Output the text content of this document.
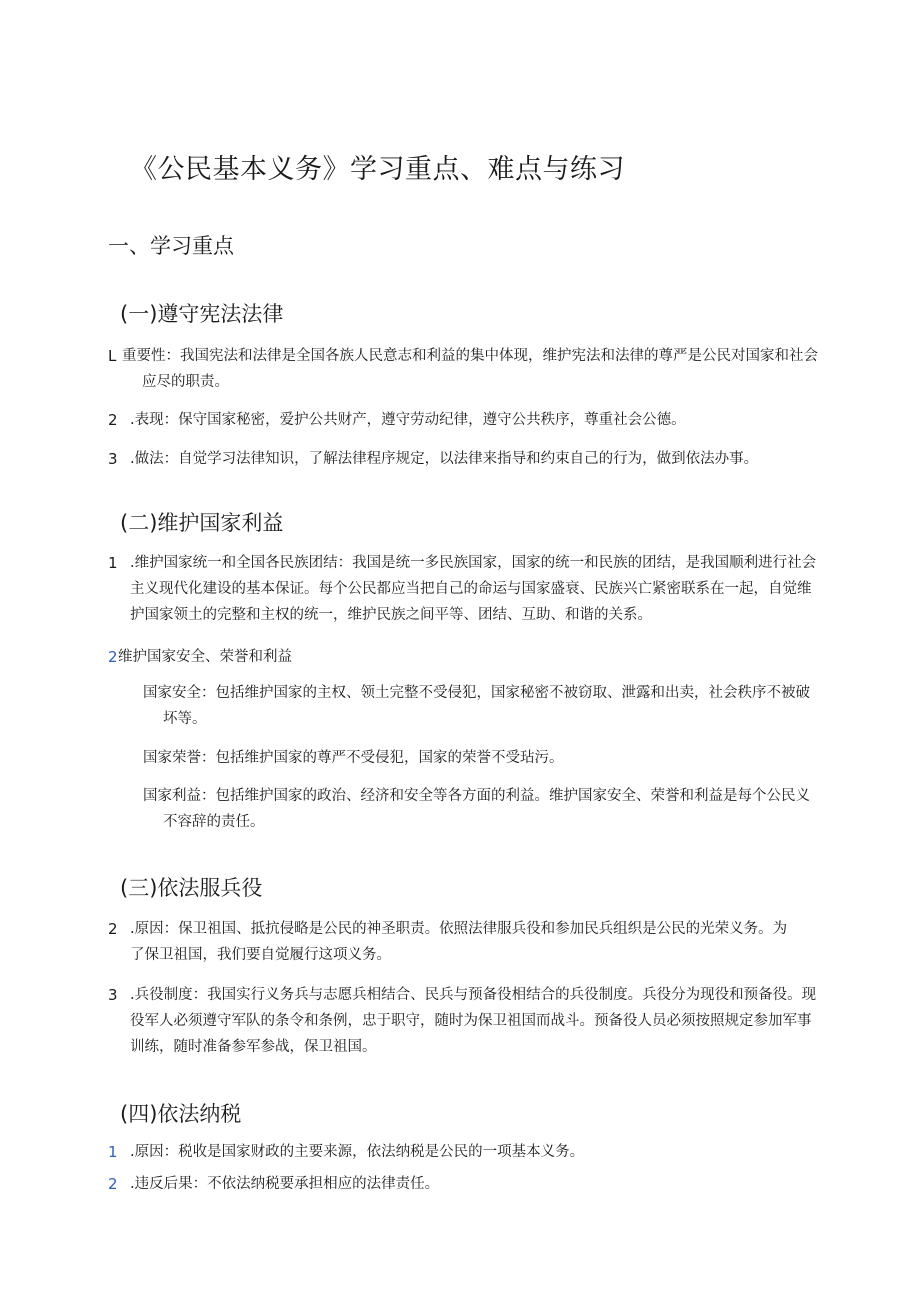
《公民基本义务》学习重点、难点与练习
一、学习重点
(一)遵守宪法法律
L 重要性：我国宪法和法律是全国各族人民意志和利益的集中体现，维护宪法和法律的尊严是公民对国家和社会应尽的职责。
2 .表现：保守国家秘密，爱护公共财产，遵守劳动纪律，遵守公共秩序，尊重社会公德。
3 .做法：自觉学习法律知识，了解法律程序规定，以法律来指导和约束自己的行为，做到依法办事。
(二)维护国家利益
1 .维护国家统一和全国各民族团结：我国是统一多民族国家，国家的统一和民族的团结，是我国顺利进行社会主义现代化建设的基本保证。每个公民都应当把自己的命运与国家盛衰、民族兴亡紧密联系在一起，自觉维护国家领土的完整和主权的统一，维护民族之间平等、团结、互助、和谐的关系。
2 维护国家安全、荣誉和利益
国家安全：包括维护国家的主权、领土完整不受侵犯，国家秘密不被窃取、泄露和出卖，社会秩序不被破坏等。
国家荣誉：包括维护国家的尊严不受侵犯，国家的荣誉不受玷污。
国家利益：包括维护国家的政治、经济和安全等各方面的利益。维护国家安全、荣誉和利益是每个公民义不容辞的责任。
(三)依法服兵役
2 .原因：保卫祖国、抵抗侵略是公民的神圣职责。依照法律服兵役和参加民兵组织是公民的光荣义务。为了保卫祖国，我们要自觉履行这项义务。
3 .兵役制度：我国实行义务兵与志愿兵相结合、民兵与预备役相结合的兵役制度。兵役分为现役和预备役。现役军人必须遵守军队的条令和条例，忠于职守，随时为保卫祖国而战斗。预备役人员必须按照规定参加军事训练，随时准备参军参战，保卫祖国。
(四)依法纳税
1 .原因：税收是国家财政的主要来源，依法纳税是公民的一项基本义务。
2 .违反后果：不依法纳税要承担相应的法律责任。
